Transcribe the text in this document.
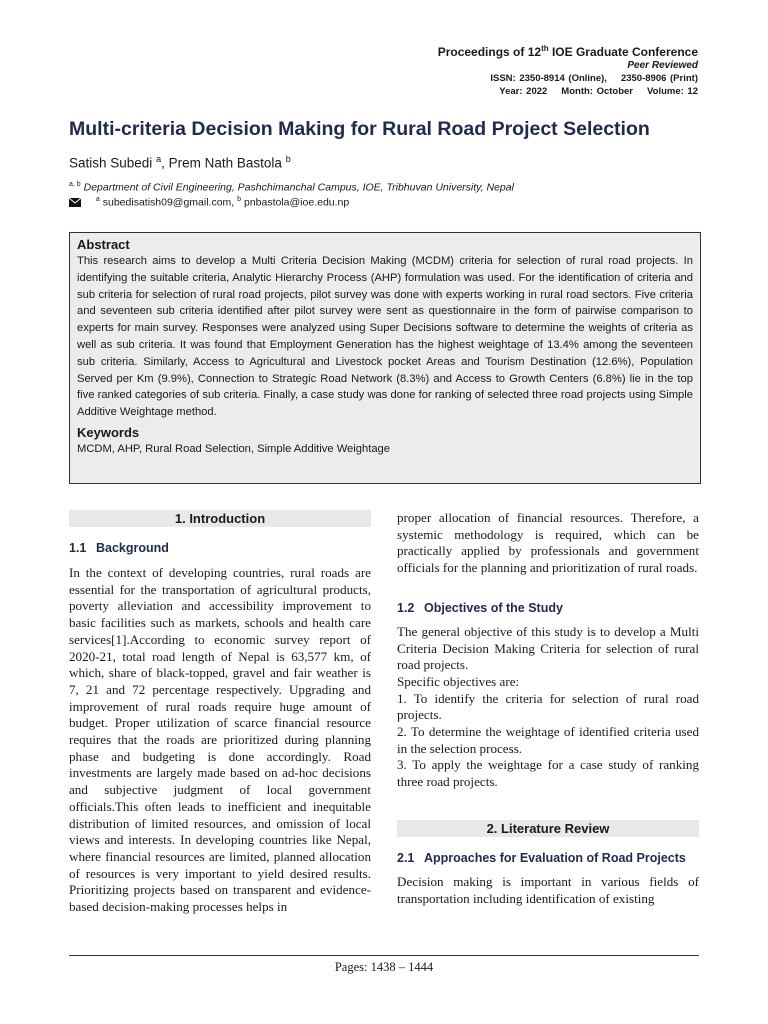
Proceedings of 12th IOE Graduate Conference
Peer Reviewed
ISSN: 2350-8914 (Online), 2350-8906 (Print)
Year: 2022 Month: October Volume: 12
Multi-criteria Decision Making for Rural Road Project Selection
Satish Subedi $^a$, Prem Nath Bastola $^b$
$^{a, b}$ Department of Civil Engineering, Pashchimanchal Campus, IOE, Tribhuvan University, Nepal
$^a$ subedisatish09@gmail.com, $^b$ pnbastola@ioe.edu.np
Abstract

This research aims to develop a Multi Criteria Decision Making (MCDM) criteria for selection of rural road projects. In identifying the suitable criteria, Analytic Hierarchy Process (AHP) formulation was used. For the identification of criteria and sub criteria for selection of rural road projects, pilot survey was done with experts working in rural road sectors. Five criteria and seventeen sub criteria identified after pilot survey were sent as questionnaire in the form of pairwise comparison to experts for main survey. Responses were analyzed using Super Decisions software to determine the weights of criteria as well as sub criteria. It was found that Employment Generation has the highest weightage of 13.4% among the seventeen sub criteria. Similarly, Access to Agricultural and Livestock pocket Areas and Tourism Destination (12.6%), Population Served per Km (9.9%), Connection to Strategic Road Network (8.3%) and Access to Growth Centers (6.8%) lie in the top five ranked categories of sub criteria. Finally, a case study was done for ranking of selected three road projects using Simple Additive Weightage method.

Keywords

MCDM, AHP, Rural Road Selection, Simple Additive Weightage

1. Introduction

1.1 Background

In the context of developing countries, rural roads are essential for the transportation of agricultural products, poverty alleviation and accessibility improvement to basic facilities such as markets, schools and health care services[1].According to economic survey report of 2020-21, total road length of Nepal is 63,577 km, of which, share of black-topped, gravel and fair weather is 7, 21 and 72 percentage respectively. Upgrading and improvement of rural roads require huge amount of budget. Proper utilization of scarce financial resource requires that the roads are prioritized during planning phase and budgeting is done accordingly. Road investments are largely made based on ad-hoc decisions and subjective judgment of local government officials.This often leads to inefficient and inequitable distribution of limited resources, and omission of local views and interests. In developing countries like Nepal, where financial resources are limited, planned allocation of resources is very important to yield desired results. Prioritizing projects based on transparent and evidence-based decision-making processes helps in

proper allocation of financial resources. Therefore, a systemic methodology is required, which can be practically applied by professionals and government officials for the planning and prioritization of rural roads.

1.2 Objectives of the Study

The general objective of this study is to develop a Multi Criteria Decision Making Criteria for selection of rural road projects.

Specific objectives are:

1. To identify the criteria for selection of rural road projects.

2. To determine the weightage of identified criteria used in the selection process.

3. To apply the weightage for a case study of ranking three road projects.

2. Literature Review

2.1 Approaches for Evaluation of Road Projects

Decision making is important in various fields of transportation including identification of existing

Pages: 1438 – 1444
